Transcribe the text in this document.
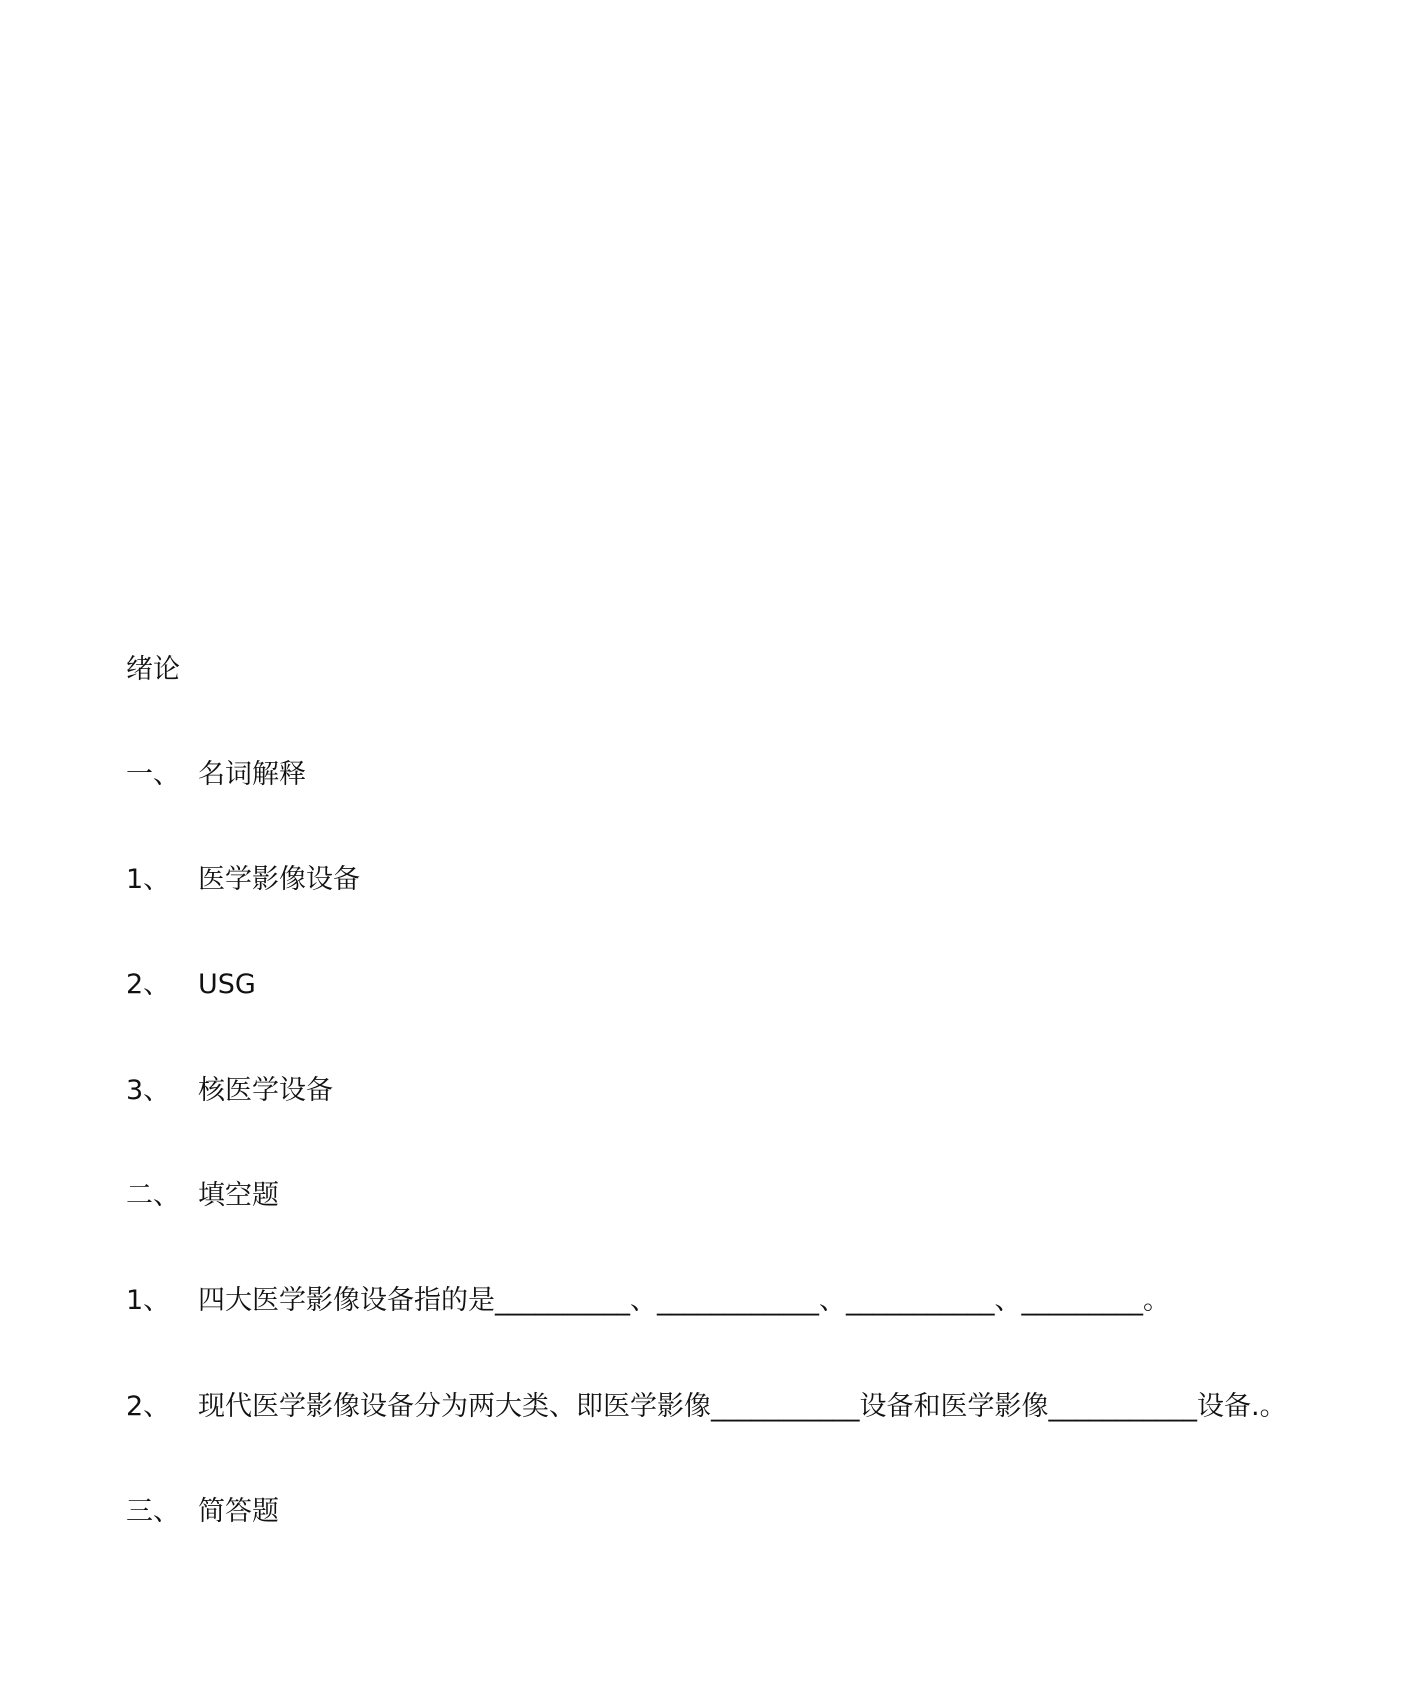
绪论
一、 名词解释
1、 医学影像设备
2、 USG
3、 核医学设备
二、 填空题
1、 四大医学影像设备指的是__________、____________、___________、_________。
2、 现代医学影像设备分为两大类、即医学影像___________设备和医学影像___________设备.。
三、 简答题
